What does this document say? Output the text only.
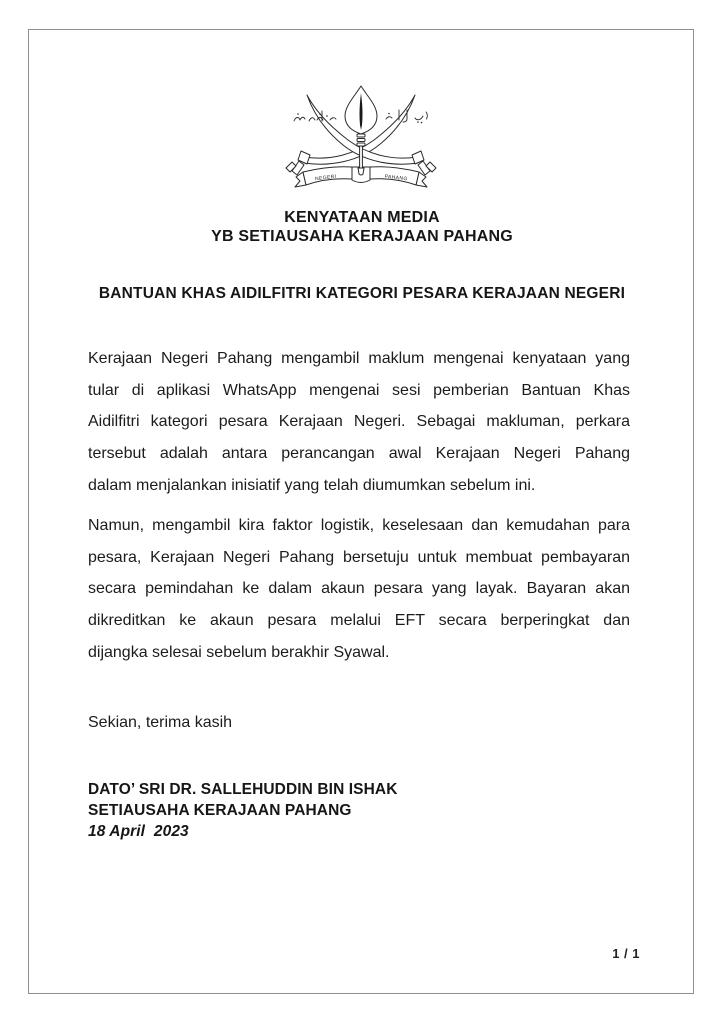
NEGERI	PAHANG
KENYATAAN MEDIA
YB SETIAUSAHA KERAJAAN PAHANG
BANTUAN KHAS AIDILFITRI KATEGORI PESARA KERAJAAN NEGERI
Kerajaan Negeri Pahang mengambil maklum mengenai kenyataan yang
tular di aplikasi WhatsApp mengenai sesi pemberian Bantuan Khas
Aidilfitri kategori pesara Kerajaan Negeri. Sebagai makluman, perkara
tersebut adalah antara perancangan awal Kerajaan Negeri Pahang
dalam menjalankan inisiatif yang telah diumumkan sebelum ini.
Namun, mengambil kira faktor logistik, keselesaan dan kemudahan para
pesara, Kerajaan Negeri Pahang bersetuju untuk membuat pembayaran
secara pemindahan ke dalam akaun pesara yang layak. Bayaran akan
dikreditkan ke akaun pesara melalui EFT secara berperingkat dan
dijangka selesai sebelum berakhir Syawal.
Sekian, terima kasih
DATO’ SRI DR. SALLEHUDDIN BIN ISHAK
SETIAUSAHA KERAJAAN PAHANG
18 April  2023
1 / 1
